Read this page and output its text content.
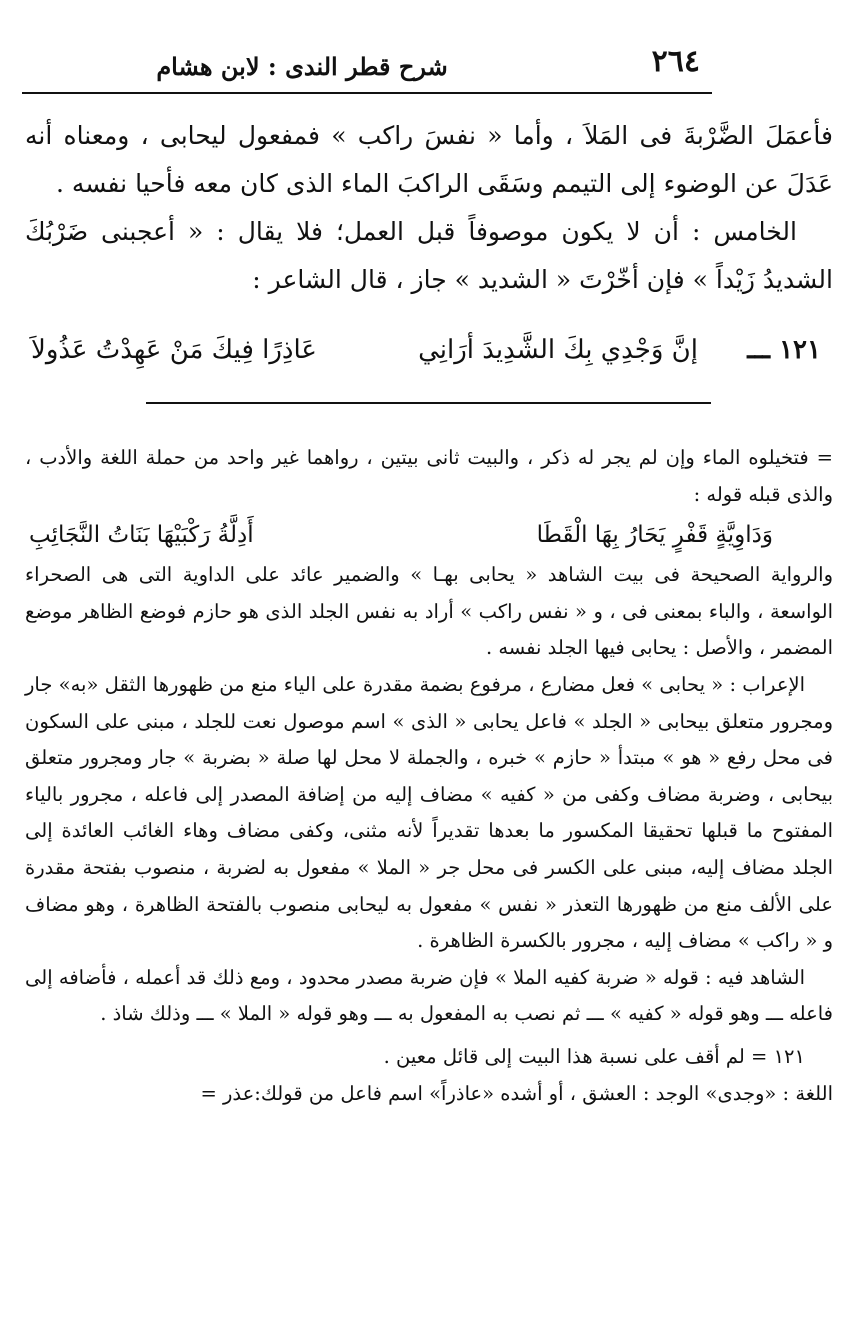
٢٦٤
شرح قطر الندى : لابن هشام

فأعمَلَ الضَّرْبةَ فى المَلاَ ، وأما « نفسَ راكب » فمفعول ليحابى ، ومعناه أنه عَدَلَ عن الوضوء إلى التيمم وسَقَى الراكبَ الماء الذى كان معه فأحيا نفسه .

الخامس : أن لا يكون موصوفاً قبل العمل؛ فلا يقال : « أعجبنى ضَرْبُكَ الشديدُ زَيْداً » فإن أخّرْتَ « الشديد » جاز ، قال الشاعر :

١٢١ ـــ
إنَّ وَجْدِي بِكَ الشَّدِيدَ أرَانِي
عَاذِرًا فِيكَ مَنْ عَهِدْتُ عَذُولاَ

= فتخيلوه الماء وإن لم يجر له ذكر ، والبيت ثانى بيتين ، رواهما غير واحد من حملة اللغة والأدب ، والذى قبله قوله :

وَدَاوِيَّةٍ قَفْرٍ يَحَارُ بِهَا الْقَطَا
أَدِلَّةُ رَكْبَيْهَا بَنَاتُ النَّجَائِبِ

والرواية الصحيحة فى بيت الشاهد « يحابى بهـا » والضمير عائد على الداوية التى هى الصحراء الواسعة ، والباء بمعنى فى ، و « نفس راكب » أراد به نفس الجلد الذى هو حازم فوضع الظاهر موضع المضمر ، والأصل : يحابى فيها الجلد نفسه .

الإعراب : « يحابى » فعل مضارع ، مرفوع بضمة مقدرة على الياء منع من ظهورها الثقل «به» جار ومجرور متعلق بيحابى « الجلد » فاعل يحابى « الذى » اسم موصول نعت للجلد ، مبنى على السكون فى محل رفع « هو » مبتدأ « حازم » خبره ، والجملة لا محل لها صلة « بضربة » جار ومجرور متعلق بيحابى ، وضربة مضاف وكفى من « كفيه » مضاف إليه من إضافة المصدر إلى فاعله ، مجرور بالياء المفتوح ما قبلها تحقيقا المكسور ما بعدها تقديراً لأنه مثنى، وكفى مضاف وهاء الغائب العائدة إلى الجلد مضاف إليه، مبنى على الكسر فى محل جر « الملا » مفعول به لضربة ، منصوب بفتحة مقدرة على الألف منع من ظهورها التعذر « نفس » مفعول به ليحابى منصوب بالفتحة الظاهرة ، وهو مضاف و « راكب » مضاف إليه ، مجرور بالكسرة الظاهرة .

الشاهد فيه : قوله « ضربة كفيه الملا » فإن ضربة مصدر محدود ، ومع ذلك قد أعمله ، فأضافه إلى فاعله ـــ وهو قوله « كفيه » ـــ ثم نصب به المفعول به ـــ وهو قوله « الملا » ـــ وذلك شاذ .

١٢١ = لم أقف على نسبة هذا البيت إلى قائل معين .

اللغة : «وجدى» الوجد : العشق ، أو أشده «عاذراً» اسم فاعل من قولك:عذر =
